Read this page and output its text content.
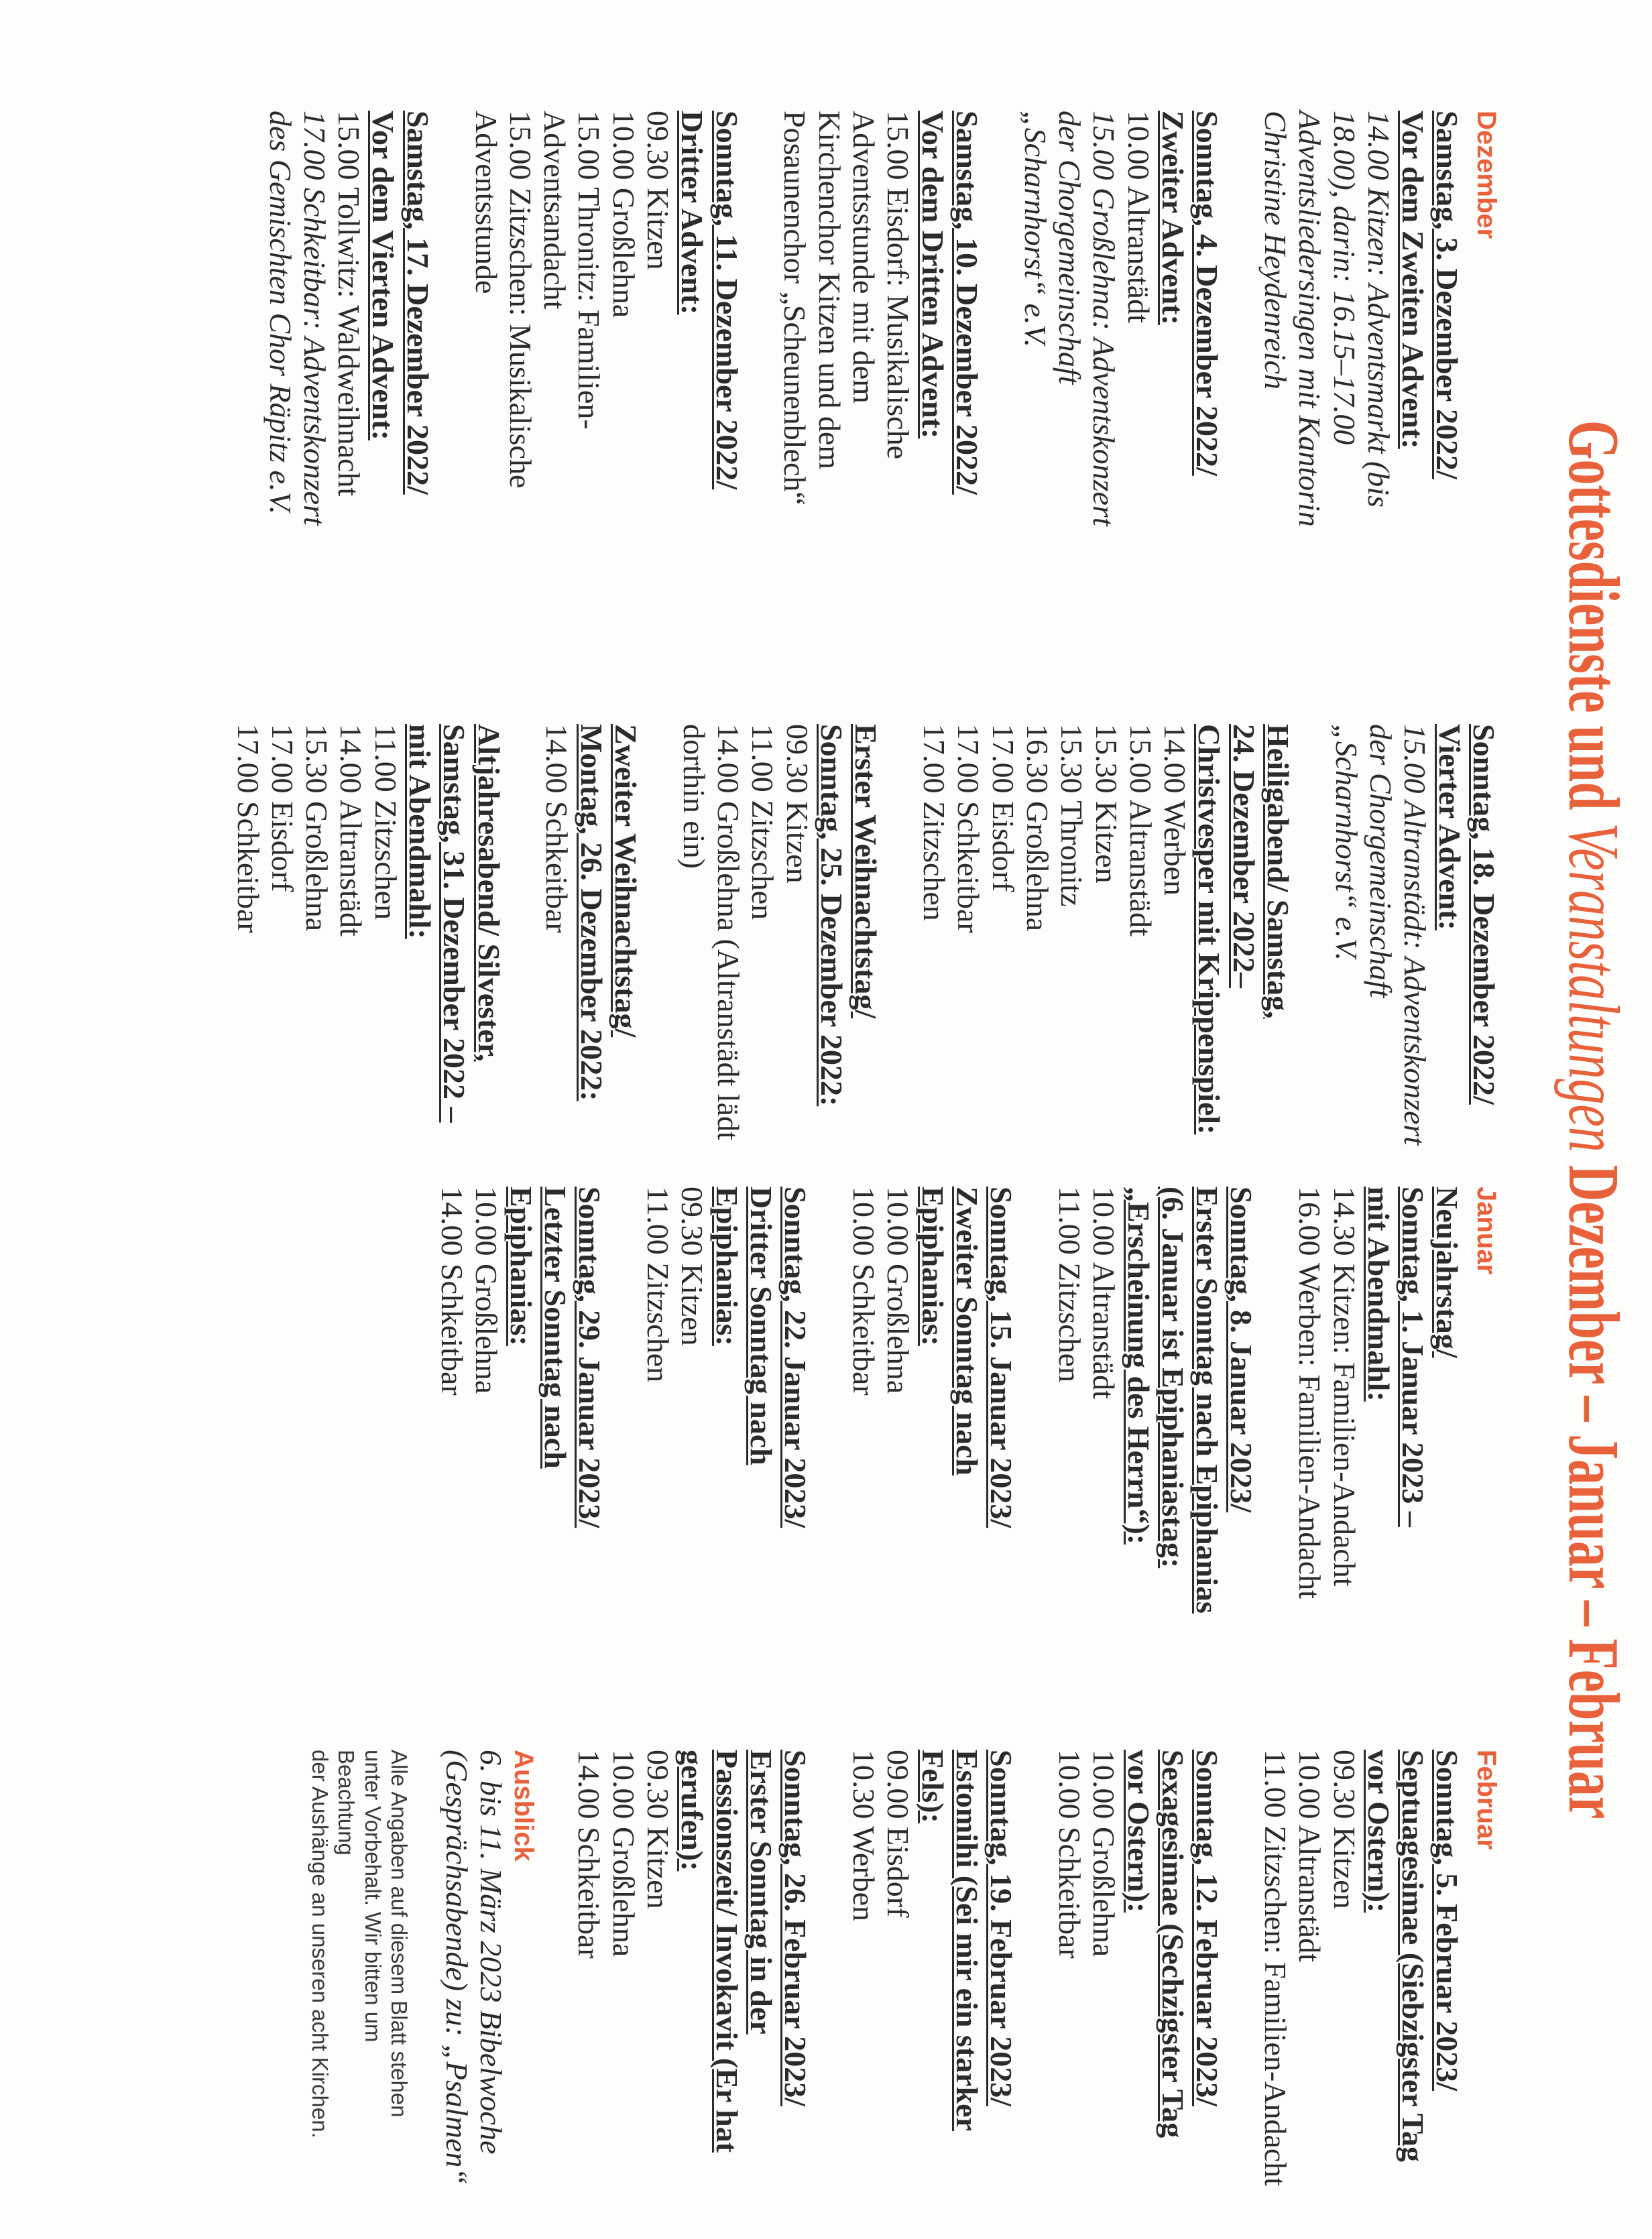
Gottesdienste und Veranstaltungen Dezember – Januar – Februar
Dezember
Samstag, 3. Dezember 2022/
Vor dem Zweiten Advent:
14.00 Kitzen: Adventsmarkt (bis
18.00), darin: 16.15–17.00
Adventsliedersingen mit Kantorin
Christine Heydenreich
Sonntag, 4. Dezember 2022/
Zweiter Advent:
10.00 Altranstädt
15.00 Großlehna: Adventskonzert
der Chorgemeinschaft
„Scharnhorst“ e.V.
Samstag, 10. Dezember 2022/
Vor dem Dritten Advent:
15.00 Eisdorf: Musikalische
Adventsstunde mit dem
Kirchenchor Kitzen und dem
Posaunenchor „Scheunenblech“
Sonntag, 11. Dezember 2022/
Dritter Advent:
09.30 Kitzen
10.00 Großlehna
15.00 Thronitz: Familien-
Adventsandacht
15.00 Zitzschen: Musikalische
Adventsstunde
Samstag, 17. Dezember 2022/
Vor dem Vierten Advent:
15.00 Tollwitz: Waldweihnacht
17.00 Schkeitbar: Adventskonzert
des Gemischten Chor Räpitz e.V.
Sonntag, 18. Dezember 2022/
Vierter Advent:
15.00 Altranstädt: Adventskonzert
der Chorgemeinschaft
„Scharnhorst“ e.V.
Heiligabend/ Samstag,
24. Dezember 2022–
Christvesper mit Krippenspiel:
14.00 Werben
15.00 Altranstädt
15.30 Kitzen
15.30 Thronitz
16.30 Großlehna
17.00 Eisdorf
17.00 Schkeitbar
17.00 Zitzschen
Erster Weihnachtstag/
Sonntag, 25. Dezember 2022:
09.30 Kitzen
11.00 Zitzschen
14.00 Großlehna (Altranstädt lädt
dorthin ein)
Zweiter Weihnachtstag/
Montag, 26. Dezember 2022:
14.00 Schkeitbar
Altjahresabend/ Silvester,
Samstag, 31. Dezember 2022 –
mit Abendmahl:
11.00 Zitzschen
14.00 Altranstädt
15.30 Großlehna
17.00 Eisdorf
17.00 Schkeitbar
Januar
Neujahrstag/
Sonntag, 1. Januar 2023 –
mit Abendmahl:
14.30 Kitzen: Familien-Andacht
16.00 Werben: Familien-Andacht
Sonntag, 8. Januar 2023/
Erster Sonntag nach Epiphanias
(6. Januar ist Epiphaniastag:
„Erscheinung des Herrn“):
10.00 Altranstädt
11.00 Zitzschen
Sonntag, 15. Januar 2023/
Zweiter Sonntag nach
Epiphanias:
10.00 Großlehna
10.00 Schkeitbar
Sonntag, 22. Januar 2023/
Dritter Sonntag nach
Epiphanias:
09.30 Kitzen
11.00 Zitzschen
Sonntag, 29. Januar 2023/
Letzter Sonntag nach
Epiphanias:
10.00 Großlehna
14.00 Schkeitbar
Februar
Sonntag, 5. Februar 2023/
Septuagesimae (Siebzigster Tag
vor Ostern):
09.30 Kitzen
10.00 Altranstädt
11.00 Zitzschen: Familien-Andacht
Sonntag, 12. Februar 2023/
Sexagesimae (Sechzigster Tag
vor Ostern):
10.00 Großlehna
10.00 Schkeitbar
Sonntag, 19. Februar 2023/
Estomihi (Sei mir ein starker
Fels):
09.00 Eisdorf
10.30 Werben
Sonntag, 26. Februar 2023/
Erster Sonntag in der
Passionszeit/ Invokavit (Er hat
gerufen):
09.30 Kitzen
10.00 Großlehna
14.00 Schkeitbar
Ausblick
6. bis 11. März 2023 Bibelwoche
(Gesprächsabende) zu: „Psalmen“
Alle Angaben auf diesem Blatt stehen
unter Vorbehalt. Wir bitten um Beachtung
der Aushänge an unseren acht Kirchen.
